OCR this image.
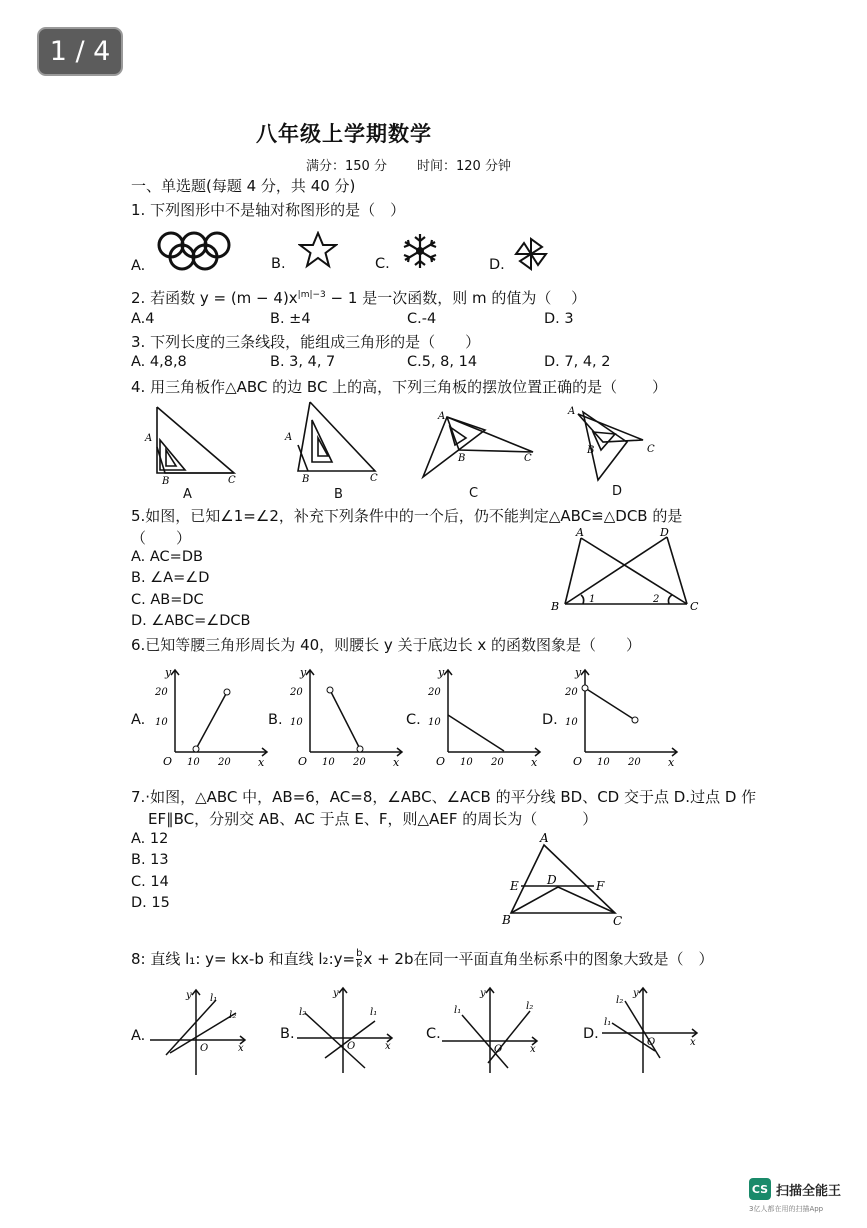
1 / 4
八年级上学期数学
满分：150 分 时间：120 分钟
一、单选题(每题 4 分，共 40 分)
1. 下列图形中不是轴对称图形的是（　）
A.	B.	C.	D.
2. 若函数 $y = (m - 4)x^{|m|-3} - 1$ 是一次函数，则 m 的值为（　 ）
A.4	B. ±4	C.-4	D. 3
3. 下列长度的三条线段，能组成三角形的是（　　）
A. 4,8,8	B. 3, 4, 7	C.5, 8, 14	D. 7, 4, 2
4. 用三角板作△ABC 的边 BC 上的高，下列三角板的摆放位置正确的是（　　 ）
A
B	C
A
A
B	C
B
A
B	C
C
A
B	C
D
5.如图，已知∠1=∠2，补充下列条件中的一个后，仍不能判定△ABC≌△DCB 的是
（　　）
A. AC=DB
B. ∠A=∠D
C. AB=DC
D. ∠ABC=∠DCB
A	D
B	C
1	2
6.已知等腰三角形周长为 40，则腰长 y 关于底边长 x 的函数图象是（　　）
A.	B.	C.	D.
y
x
O 10 20
20
10
y
x
O 10 20
20
10
y
x
O 10 20
20
10
y
x
O 10 20
20
10
7.·如图，△ABC 中，AB=6，AC=8，∠ABC、∠ACB 的平分线 BD、CD 交于点 D.过点 D 作
EF∥BC，分别交 AB、AC 于点 E、F，则△AEF 的周长为（　　　）
A. 12
B. 13
C. 14
D. 15
A
B	C
D
E	F
8: 直线 l₁: y= kx-b 和直线 l₂:y= $\frac{b}{k}$ x + 2b在同一平面直角坐标系中的图象大致是（　）
A.	B.	C.	D.
y
x
O
l₁
l₂
y
x
O
l₂	l₁
y
x
O
l₁	l₂
y
x
O
l₂
l₁
CS 扫描全能王
3亿人都在用的扫描App
